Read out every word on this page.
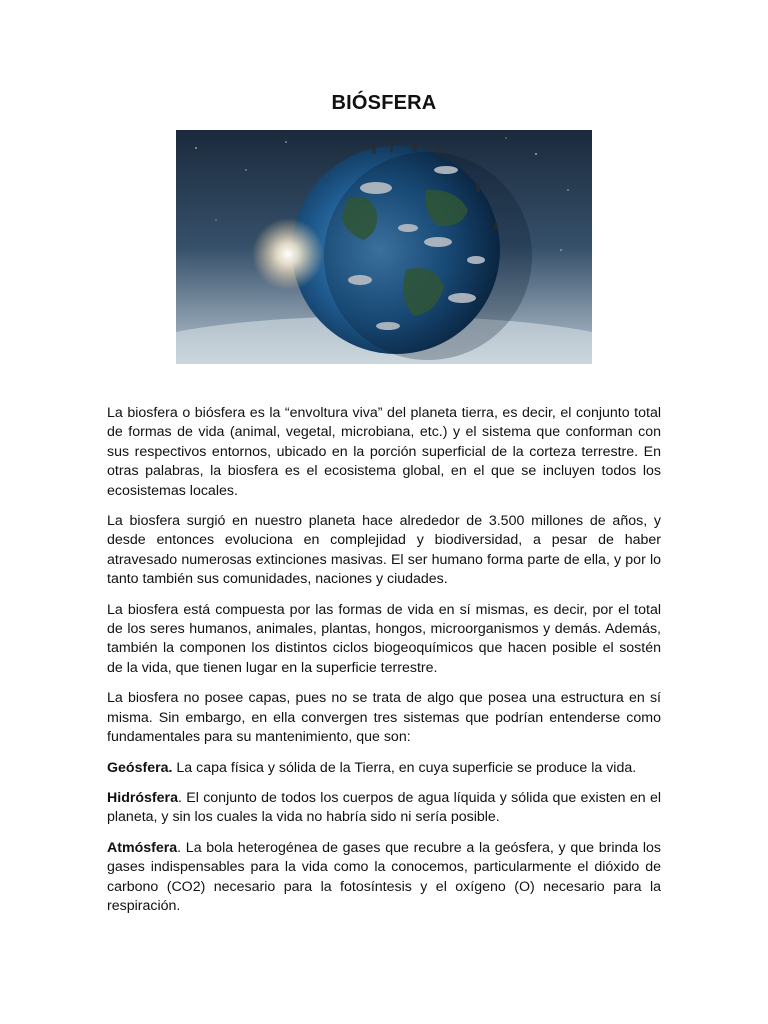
BIÓSFERA

La biosfera o biósfera es la “envoltura viva” del planeta tierra, es decir, el conjunto total de formas de vida (animal, vegetal, microbiana, etc.) y el sistema que conforman con sus respectivos entornos, ubicado en la porción superficial de la corteza terrestre. En otras palabras, la biosfera es el ecosistema global, en el que se incluyen todos los ecosistemas locales.

La biosfera surgió en nuestro planeta hace alrededor de 3.500 millones de años, y desde entonces evoluciona en complejidad y biodiversidad, a pesar de haber atravesado numerosas extinciones masivas. El ser humano forma parte de ella, y por lo tanto también sus comunidades, naciones y ciudades.

La biosfera está compuesta por las formas de vida en sí mismas, es decir, por el total de los seres humanos, animales, plantas, hongos, microorganismos y demás. Además, también la componen los distintos ciclos biogeoquímicos que hacen posible el sostén de la vida, que tienen lugar en la superficie terrestre.

La biosfera no posee capas, pues no se trata de algo que posea una estructura en sí misma. Sin embargo, en ella convergen tres sistemas que podrían entenderse como fundamentales para su mantenimiento, que son:

Geósfera. La capa física y sólida de la Tierra, en cuya superficie se produce la vida.

Hidrósfera. El conjunto de todos los cuerpos de agua líquida y sólida que existen en el planeta, y sin los cuales la vida no habría sido ni sería posible.

Atmósfera. La bola heterogénea de gases que recubre a la geósfera, y que brinda los gases indispensables para la vida como la conocemos, particularmente el dióxido de carbono (CO2) necesario para la fotosíntesis y el oxígeno (O) necesario para la respiración.
